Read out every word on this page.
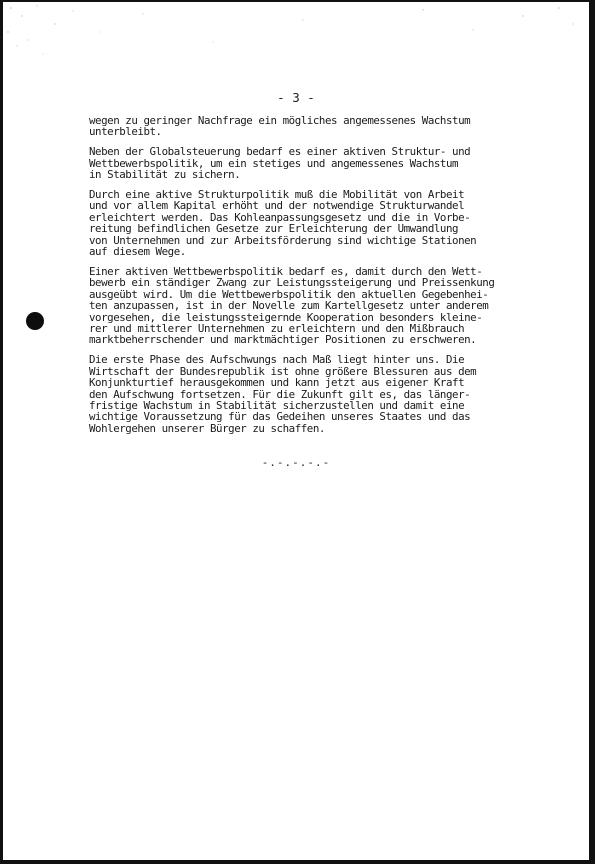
- 3 -
wegen zu geringer Nachfrage ein mögliches angemessenes Wachstum
unterbleibt.
Neben der Globalsteuerung bedarf es einer aktiven Struktur- und
Wettbewerbspolitik, um ein stetiges und angemessenes Wachstum
in Stabilität zu sichern.
Durch eine aktive Strukturpolitik muß die Mobilität von Arbeit
und vor allem Kapital erhöht und der notwendige Strukturwandel
erleichtert werden. Das Kohleanpassungsgesetz und die in Vorbe-
reitung befindlichen Gesetze zur Erleichterung der Umwandlung
von Unternehmen und zur Arbeitsförderung sind wichtige Stationen
auf diesem Wege.
Einer aktiven Wettbewerbspolitik bedarf es, damit durch den Wett-
bewerb ein ständiger Zwang zur Leistungssteigerung und Preissenkung
ausgeübt wird. Um die Wettbewerbspolitik den aktuellen Gegebenhei-
ten anzupassen, ist in der Novelle zum Kartellgesetz unter anderem
vorgesehen, die leistungssteigernde Kooperation besonders kleine-
rer und mittlerer Unternehmen zu erleichtern und den Mißbrauch
marktbeherrschender und marktmächtiger Positionen zu erschweren.
Die erste Phase des Aufschwungs nach Maß liegt hinter uns. Die
Wirtschaft der Bundesrepublik ist ohne größere Blessuren aus dem
Konjunkturtief herausgekommen und kann jetzt aus eigener Kraft
den Aufschwung fortsetzen. Für die Zukunft gilt es, das länger-
fristige Wachstum in Stabilität sicherzustellen und damit eine
wichtige Voraussetzung für das Gedeihen unseres Staates und das
Wohlergehen unserer Bürger zu schaffen.
-.-.-.-.-
